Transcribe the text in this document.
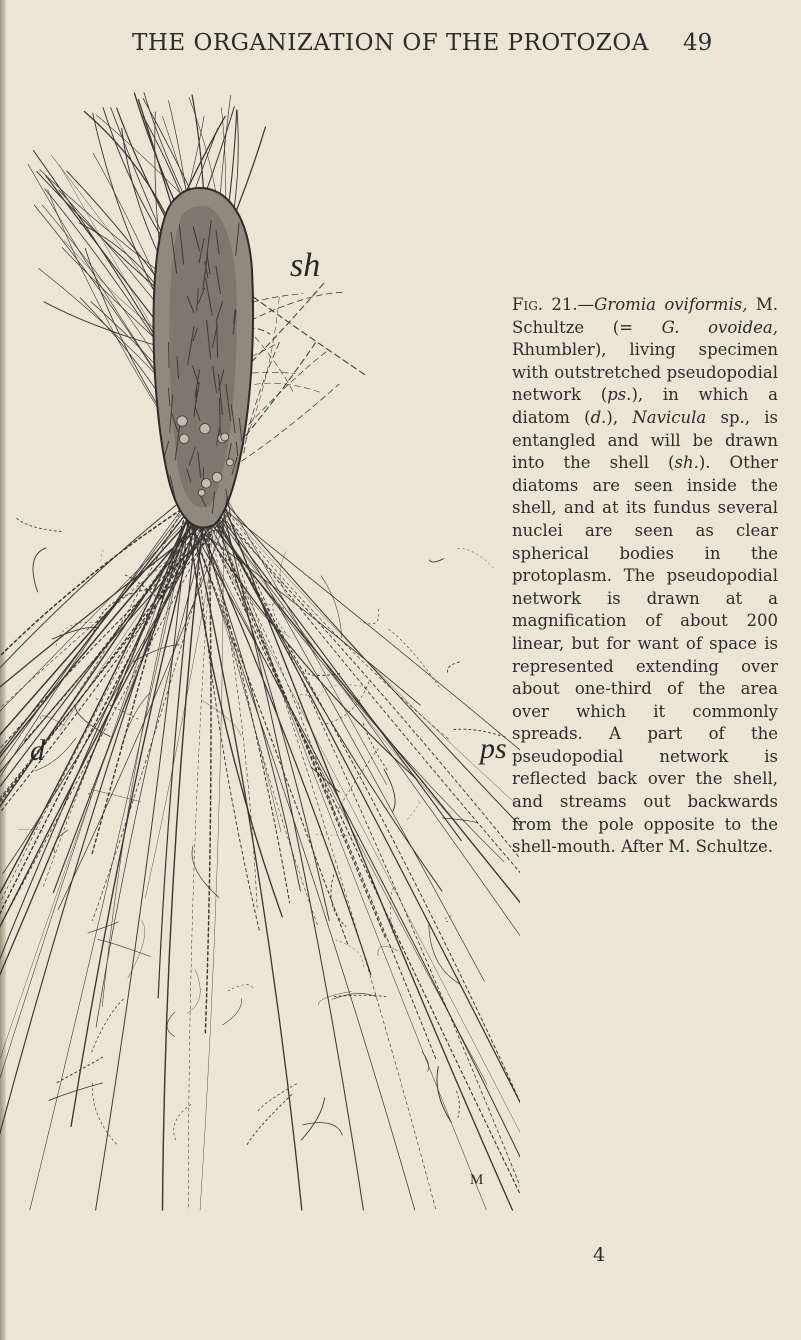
THE ORGANIZATION OF THE PROTOZOA 49
sh
d	ps
M
Fig. 21.—Gromia oviformis, M. Schultze (= G. ovoidea, Rhumbler), living specimen with outstretched pseudopodial network (ps.), in which a diatom (d.), Navicula sp., is entangled and will be drawn into the shell (sh.). Other diatoms are seen inside the shell, and at its fundus several nuclei are seen as clear spherical bodies in the protoplasm. The pseudopodial network is drawn at a magnification of about 200 linear, but for want of space is represented extending over about one-third of the area over which it commonly spreads. A part of the pseudopodial network is reflected back over the shell, and streams out backwards from the pole opposite to the shell-mouth. After M. Schultze.
4
